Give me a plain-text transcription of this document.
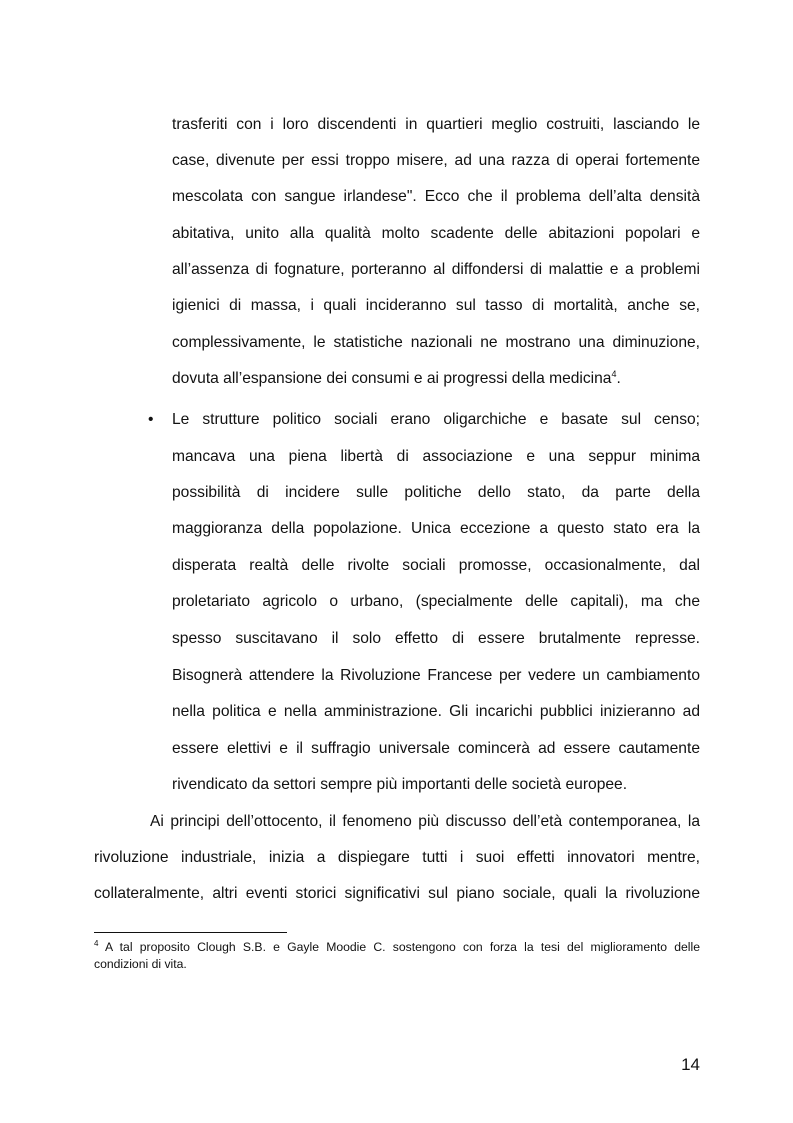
trasferiti con i loro discendenti in quartieri meglio costruiti, lasciando le
case, divenute per essi troppo misere, ad una razza di operai fortemente
mescolata con sangue irlandese". Ecco che il problema dell’alta densità
abitativa, unito alla qualità molto scadente delle abitazioni popolari e
all’assenza di fognature, porteranno al diffondersi di malattie e a problemi
igienici di massa, i quali incideranno sul tasso di mortalità, anche se,
complessivamente, le statistiche nazionali ne mostrano una diminuzione,
dovuta all’espansione dei consumi e ai progressi della medicina$^4$.
• Le strutture politico sociali erano oligarchiche e basate sul censo;
mancava una piena libertà di associazione e una seppur minima
possibilità di incidere sulle politiche dello stato, da parte della
maggioranza della popolazione. Unica eccezione a questo stato era la
disperata realtà delle rivolte sociali promosse, occasionalmente, dal
proletariato agricolo o urbano, (specialmente delle capitali), ma che
spesso suscitavano il solo effetto di essere brutalmente represse.
Bisognerà attendere la Rivoluzione Francese per vedere un cambiamento
nella politica e nella amministrazione. Gli incarichi pubblici inizieranno ad
essere elettivi e il suffragio universale comincerà ad essere cautamente
rivendicato da settori sempre più importanti delle società europee.
Ai principi dell’ottocento, il fenomeno più discusso dell’età contemporanea, la
rivoluzione industriale, inizia a dispiegare tutti i suoi effetti innovatori mentre,
collateralmente, altri eventi storici significativi sul piano sociale, quali la rivoluzione
$^4$ A tal proposito Clough S.B. e Gayle Moodie C. sostengono con forza la tesi del miglioramento delle
condizioni di vita.
14
